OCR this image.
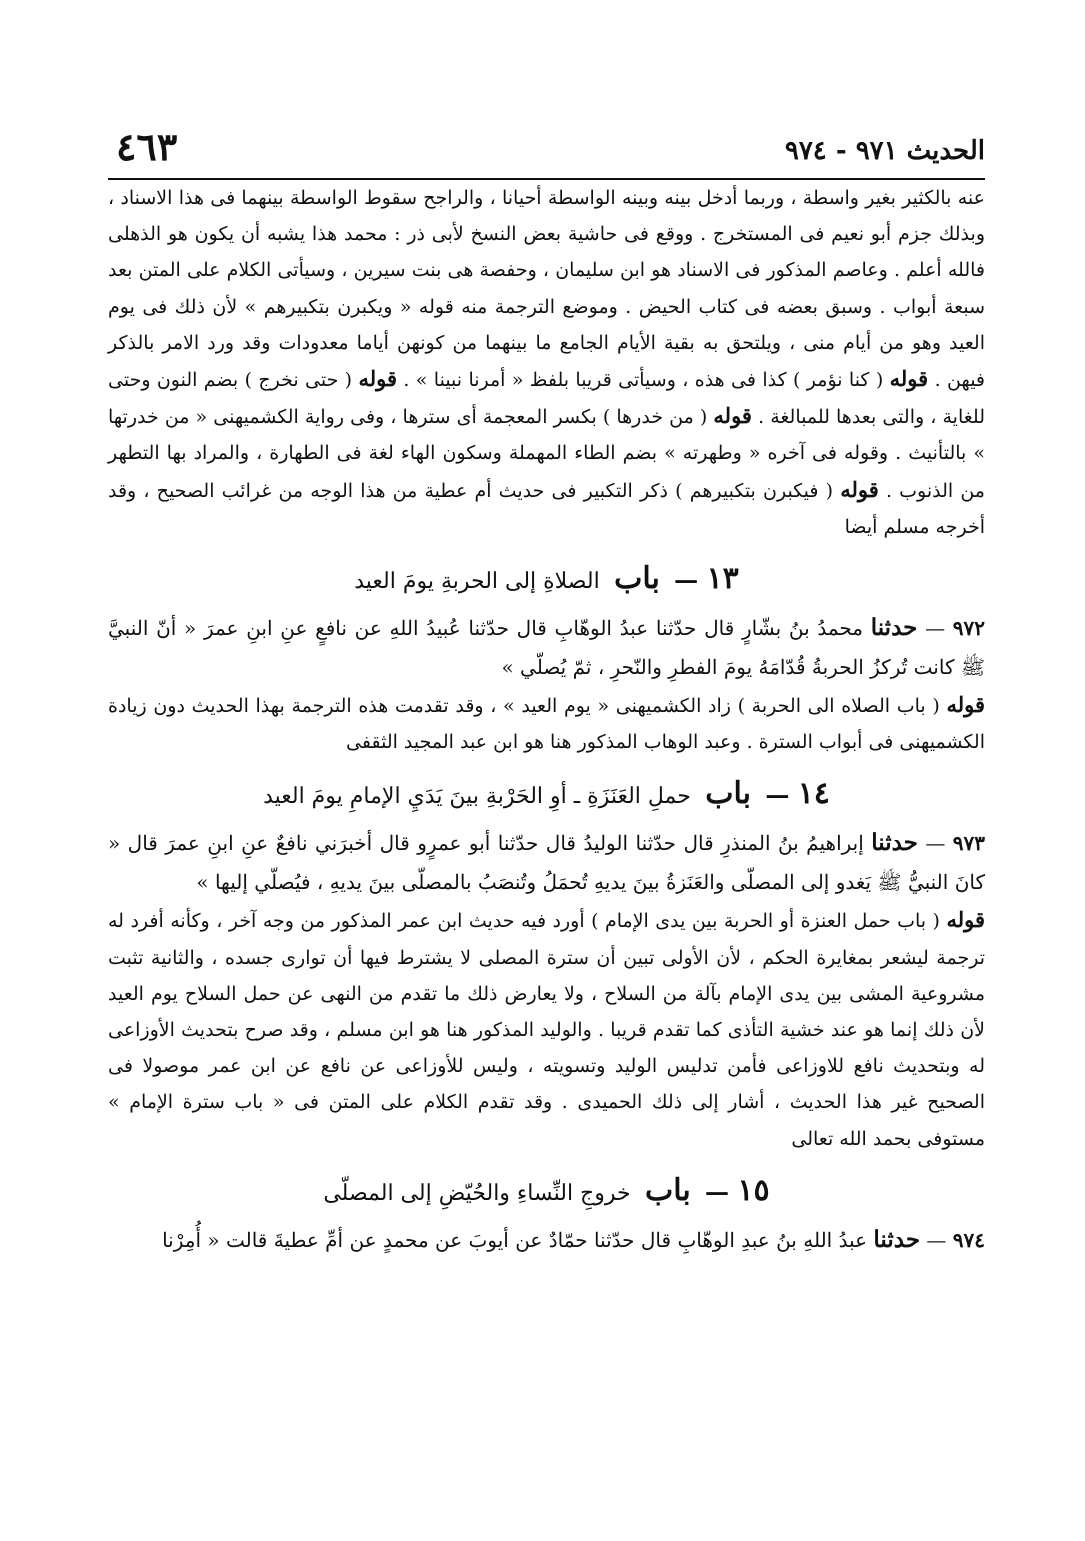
الحديث ٩٧١ - ٩٧٤
٤٦٣

عنه بالكثير بغير واسطة ، وربما أدخل بينه وبينه الواسطة أحيانا ، والراجح سقوط الواسطة بينهما فى هذا الاسناد ، وبذلك جزم أبو نعيم فى المستخرج . ووقع فى حاشية بعض النسخ لأبى ذر : محمد هذا يشبه أن يكون هو الذهلى فالله أعلم . وعاصم المذكور فى الاسناد هو ابن سليمان ، وحفصة هى بنت سيرين ، وسيأتى الكلام على المتن بعد سبعة أبواب . وسبق بعضه فى كتاب الحيض . وموضع الترجمة منه قوله « ويكبرن بتكبيرهم » لأن ذلك فى يوم العيد وهو من أيام منى ، ويلتحق به بقية الأيام الجامع ما بينهما من كونهن أياما معدودات وقد ورد الامر بالذكر فيهن . قوله ( كنا نؤمر ) كذا فى هذه ، وسيأتى قريبا بلفظ « أمرنا نبينا » . قوله ( حتى نخرج ) بضم النون وحتى للغاية ، والتى بعدها للمبالغة . قوله ( من خدرها ) بكسر المعجمة أى سترها ، وفى رواية الكشميهنى « من خدرتها » بالتأنيث . وقوله فى آخره « وطهرته » بضم الطاء المهملة وسكون الهاء لغة فى الطهارة ، والمراد بها التطهر من الذنوب . قوله ( فيكبرن بتكبيرهم ) ذكر التكبير فى حديث أم عطية من هذا الوجه من غرائب الصحيح ، وقد أخرجه مسلم أيضا

١٣ — باب الصلاةِ إلى الحربةِ يومَ العيد

٩٧٢ — حدثنا محمدُ بنُ بشّارٍ قال حدّثنا عبدُ الوهّابِ قال حدّثنا عُبيدُ اللهِ عن نافعٍ عنِ ابنِ عمرَ « أنّ النبيَّ ﷺ كانت تُركزُ الحربةُ قُدّامَهُ يومَ الفطرِ والنّحرِ ، ثمّ يُصلّي »

قوله ( باب الصلاه الى الحربة ) زاد الكشميهنى « يوم العيد » ، وقد تقدمت هذه الترجمة بهذا الحديث دون زيادة الكشميهنى فى أبواب السترة . وعبد الوهاب المذكور هنا هو ابن عبد المجيد الثقفى

١٤ — باب حملِ العَنَزَةِ ـ أوِ الحَرْبةِ بينَ يَدَيِ الإمامِ يومَ العيد

٩٧٣ — حدثنا إبراهيمُ بنُ المنذرِ قال حدّثنا الوليدُ قال حدّثنا أبو عمرٍو قال أخبرَني نافعٌ عنِ ابنِ عمرَ قال « كانَ النبيُّ ﷺ يَغدو إلى المصلّى والعَنَزةُ بينَ يديهِ تُحمَلُ وتُنصَبُ بالمصلّى بينَ يديهِ ، فيُصلّي إليها »

قوله ( باب حمل العنزة أو الحربة بين يدى الإمام ) أورد فيه حديث ابن عمر المذكور من وجه آخر ، وكأنه أفرد له ترجمة ليشعر بمغايرة الحكم ، لأن الأولى تبين أن سترة المصلى لا يشترط فيها أن توارى جسده ، والثانية تثبت مشروعية المشى بين يدى الإمام بآلة من السلاح ، ولا يعارض ذلك ما تقدم من النهى عن حمل السلاح يوم العيد لأن ذلك إنما هو عند خشية التأذى كما تقدم قريبا . والوليد المذكور هنا هو ابن مسلم ، وقد صرح بتحديث الأوزاعى له وبتحديث نافع للاوزاعى فأمن تدليس الوليد وتسويته ، وليس للأوزاعى عن نافع عن ابن عمر موصولا فى الصحيح غير هذا الحديث ، أشار إلى ذلك الحميدى . وقد تقدم الكلام على المتن فى « باب سترة الإمام » مستوفى بحمد الله تعالى

١٥ — باب خروجِ النِّساءِ والحُيّضِ إلى المصلّى

٩٧٤ — حدثنا عبدُ اللهِ بنُ عبدِ الوهّابِ قال حدّثنا حمّادٌ عن أيوبَ عن محمدٍ عن أمِّ عطيةَ قالت « أُمِرْنا
